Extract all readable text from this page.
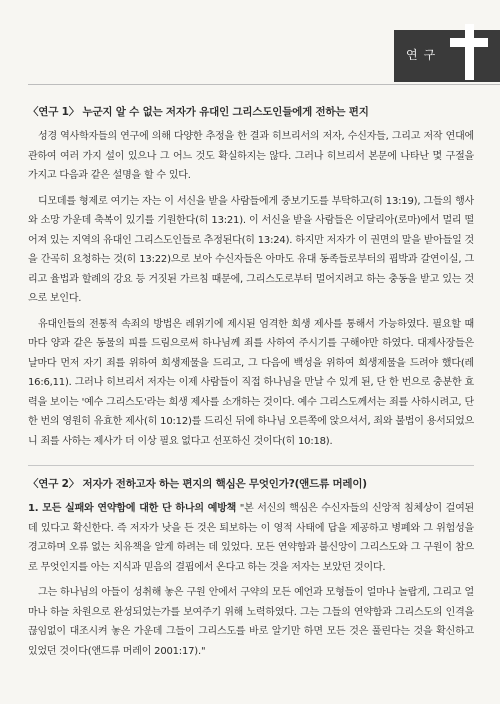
연구
〈연구 1〉 누군지 알 수 없는 저자가 유대인 그리스도인들에게 전하는 편지

성경 역사학자들의 연구에 의해 다양한 추정을 한 결과 히브리서의 저자, 수신자들, 그리고 저작 연대에 관하여 여러 가지 설이 있으나 그 어느 것도 확실하지는 않다. 그러나 히브리서 본문에 나타난 몇 구절을 가지고 다음과 같은 설명을 할 수 있다.

디모데를 형제로 여기는 자는 이 서신을 받을 사람들에게 중보기도를 부탁하고(히 13:19), 그들의 행사와 소망 가운데 축복이 있기를 기원한다(히 13:21). 이 서신을 받을 사람들은 이달리아(로마)에서 멀리 떨어져 있는 지역의 유대인 그리스도인들로 추정된다(히 13:24). 하지만 저자가 이 권면의 말을 받아들일 것을 간곡히 요청하는 것(히 13:22)으로 보아 수신자들은 아마도 유대 동족들로부터의 핍박과 갈연이실, 그리고 율법과 할례의 강요 등 거짓된 가르침 때문에, 그리스도로부터 멀어지려고 하는 충동을 받고 있는 것으로 보인다.

유대인들의 전통적 속죄의 방법은 레위기에 제시된 엄격한 희생 제사를 통해서 가능하였다. 필요할 때마다 양과 같은 동물의 피를 드림으로써 하나님께 죄를 사하여 주시기를 구해야만 하였다. 대제사장들은 날마다 먼저 자기 죄를 위하여 희생제물을 드리고, 그 다음에 백성을 위하여 희생제물을 드려야 했다(레 16:6,11). 그러나 히브리서 저자는 이제 사람들이 직접 하나님을 만날 수 있게 된, 단 한 번으로 충분한 효력을 보이는 '예수 그리스도'라는 희생 제사를 소개하는 것이다. 예수 그리스도께서는 죄를 사하시려고, 단 한 번의 영원히 유효한 제사(히 10:12)를 드리신 뒤에 하나님 오른쪽에 앉으셔서, 죄와 불법이 용서되었으니 죄를 사하는 제사가 더 이상 필요 없다고 선포하신 것이다(히 10:18).

〈연구 2〉 저자가 전하고자 하는 편지의 핵심은 무엇인가?(앤드류 머레이)

1. 모든 실패와 연약함에 대한 단 하나의 예방책 "본 서신의 핵심은 수신자들의 신앙적 침체상이 걸여된 데 있다고 확신한다. 즉 저자가 낫을 든 것은 퇴보하는 이 영적 사태에 답을 제공하고 병폐와 그 위험성을 경고하며 오류 없는 치유책을 알게 하려는 데 있었다. 모든 연약함과 불신앙이 그리스도와 그 구원이 참으로 무엇인지를 아는 지식과 믿음의 결핍에서 온다고 하는 것을 저자는 보았던 것이다.

그는 하나님의 아들이 성취해 놓은 구원 안에서 구약의 모든 예언과 모형들이 얼마나 놀랍게, 그리고 얼마나 하늘 차원으로 완성되었는가를 보여주기 위해 노력하였다. 그는 그들의 연약함과 그리스도의 인격을 끊임없이 대조시켜 놓은 가운데 그들이 그리스도를 바로 알기만 하면 모든 것은 풀린다는 것을 확신하고 있었던 것이다(앤드류 머레이 2001:17)."
